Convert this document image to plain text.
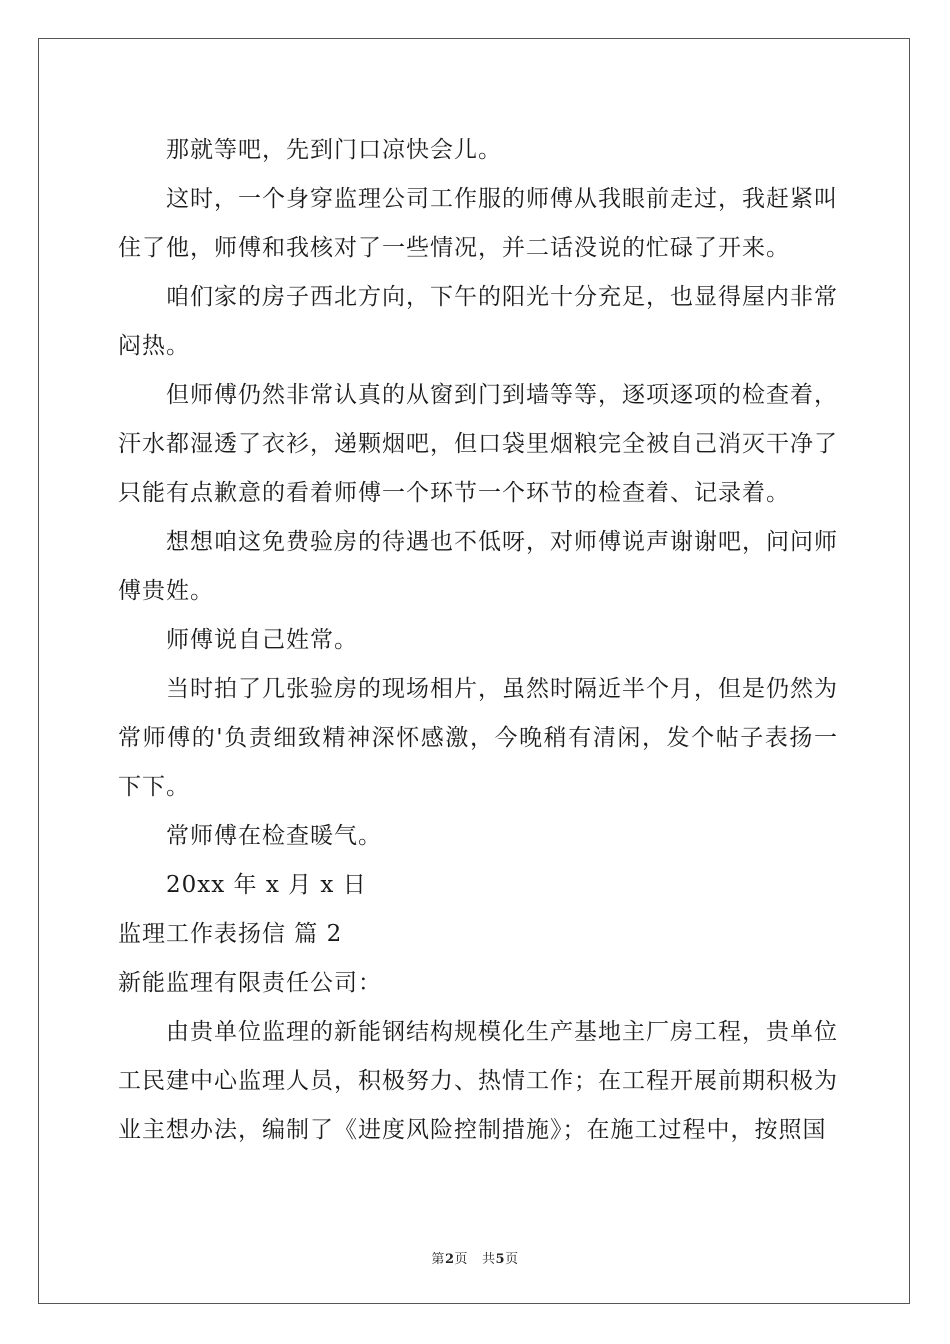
那就等吧，先到门口凉快会儿。

这时，一个身穿监理公司工作服的师傅从我眼前走过，我赶紧叫住了他，师傅和我核对了一些情况，并二话没说的忙碌了开来。

咱们家的房子西北方向，下午的阳光十分充足，也显得屋内非常闷热。

但师傅仍然非常认真的从窗到门到墙等等，逐项逐项的检查着，汗水都湿透了衣衫，递颗烟吧，但口袋里烟粮完全被自己消灭干净了只能有点歉意的看着师傅一个环节一个环节的检查着、记录着。

想想咱这免费验房的待遇也不低呀，对师傅说声谢谢吧，问问师傅贵姓。

师傅说自己姓常。

当时拍了几张验房的现场相片，虽然时隔近半个月，但是仍然为常师傅的'负责细致精神深怀感激，今晚稍有清闲，发个帖子表扬一下下。

常师傅在检查暖气。

20xx 年 x 月 x 日

监理工作表扬信 篇 2

新能监理有限责任公司：

由贵单位监理的新能钢结构规模化生产基地主厂房工程，贵单位工民建中心监理人员，积极努力、热情工作；在工程开展前期积极为业主想办法，编制了《进度风险控制措施》；在施工过程中，按照国

第2页 共5页
